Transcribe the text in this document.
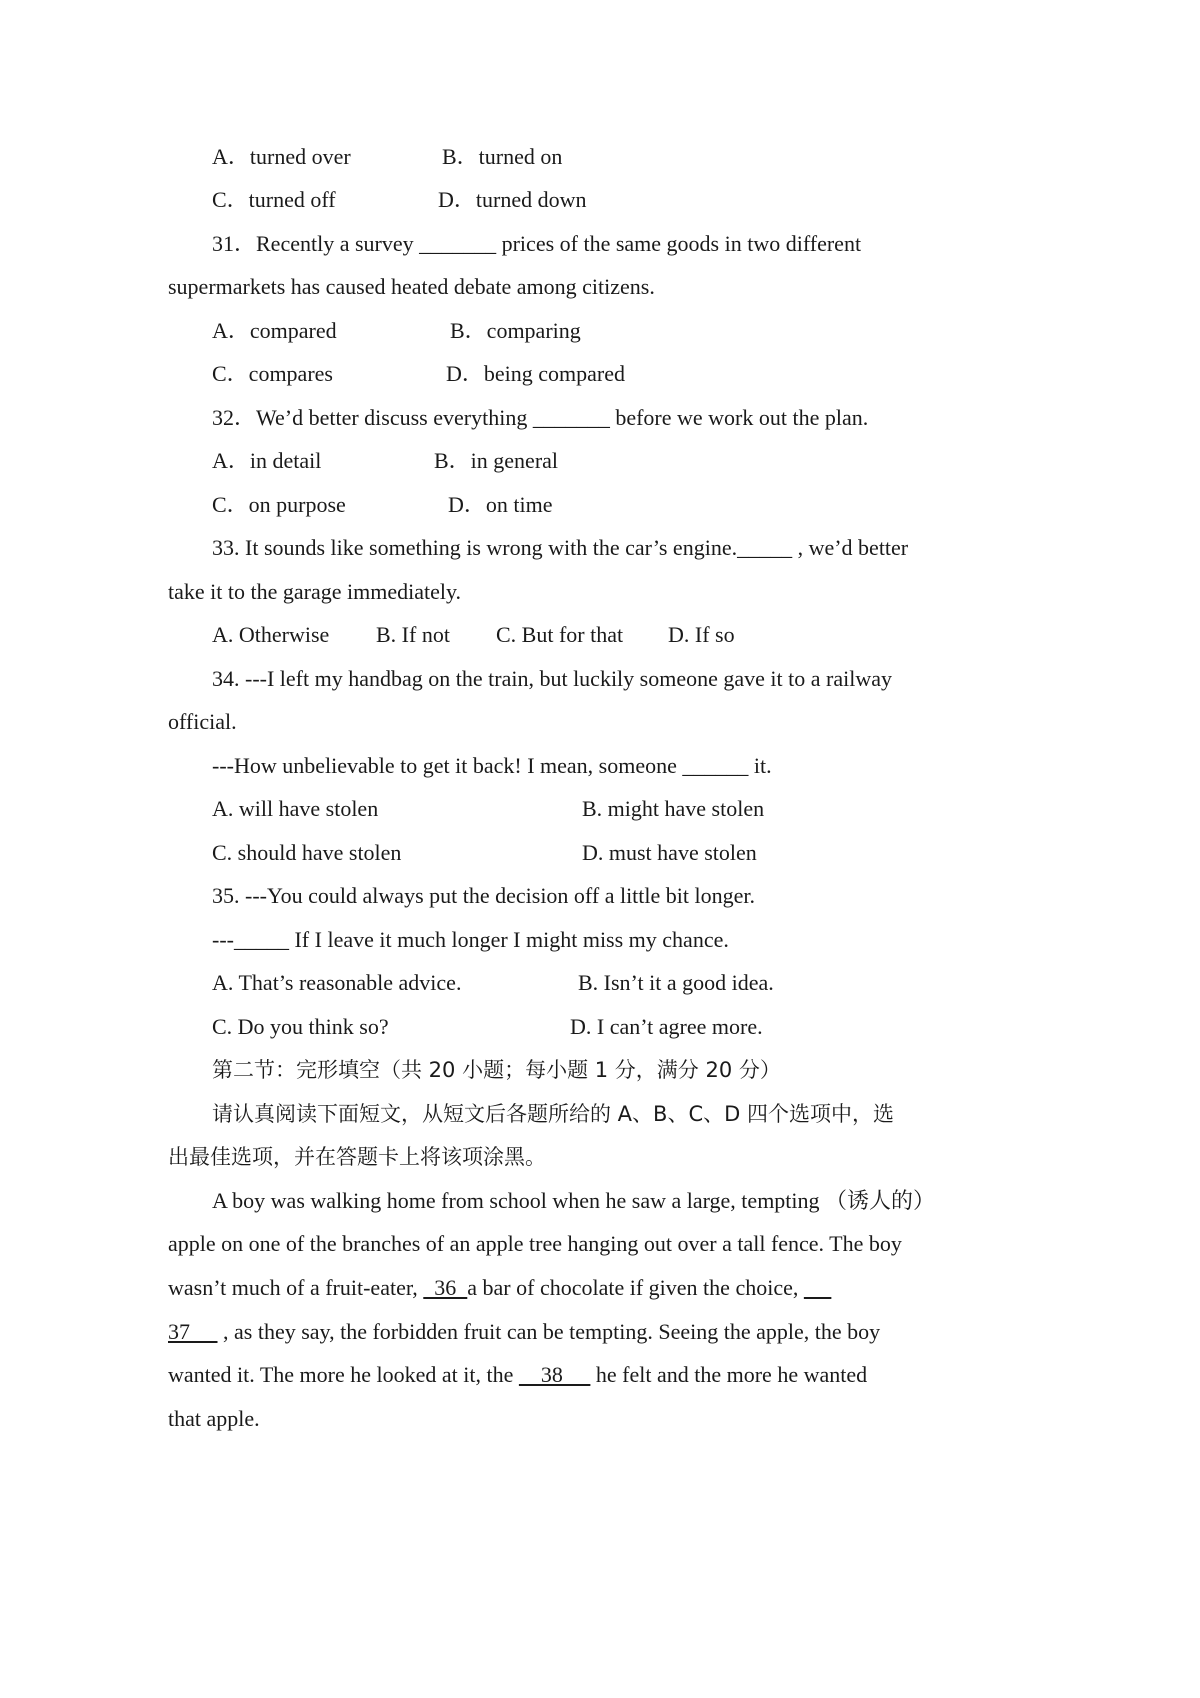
A．turned over	B．turned on
C．turned off	D．turned down
31．Recently a survey _______ prices of the same goods in two different
supermarkets has caused heated debate among citizens.
A．compared	B．comparing
C．compares	D．being compared
32．We’d better discuss everything _______ before we work out the plan.
A．in detail	B．in general
C．on purpose	D．on time
33. It sounds like something is wrong with the car’s engine._____ , we’d better
take it to the garage immediately.
A. Otherwise B. If not C. But for that D. If so
34. ---I left my handbag on the train, but luckily someone gave it to a railway
official.
---How unbelievable to get it back! I mean, someone ______ it.
A. will have stolen	B. might have stolen
C. should have stolen	D. must have stolen
35. ---You could always put the decision off a little bit longer.
---_____ If I leave it much longer I might miss my chance.
A. That’s reasonable advice.	B. Isn’t it a good idea.
C. Do you think so?	D. I can’t agree more.
第二节：完形填空（共 20 小题；每小题 1 分，满分 20 分）
请认真阅读下面短文，从短文后各题所给的 A、B、C、D 四个选项中，选
出最佳选项，并在答题卡上将该项涂黑。
A boy was walking home from school when he saw a large, tempting （诱人的）
apple on one of the branches of an apple tree hanging out over a tall fence. The boy
wasn’t much of a fruit-eater,   36  a bar of chocolate if given the choice,
37      , as they say, the forbidden fruit can be tempting. Seeing the apple, the boy
wanted it. The more he looked at it, the     38      he felt and the more he wanted
that apple.
